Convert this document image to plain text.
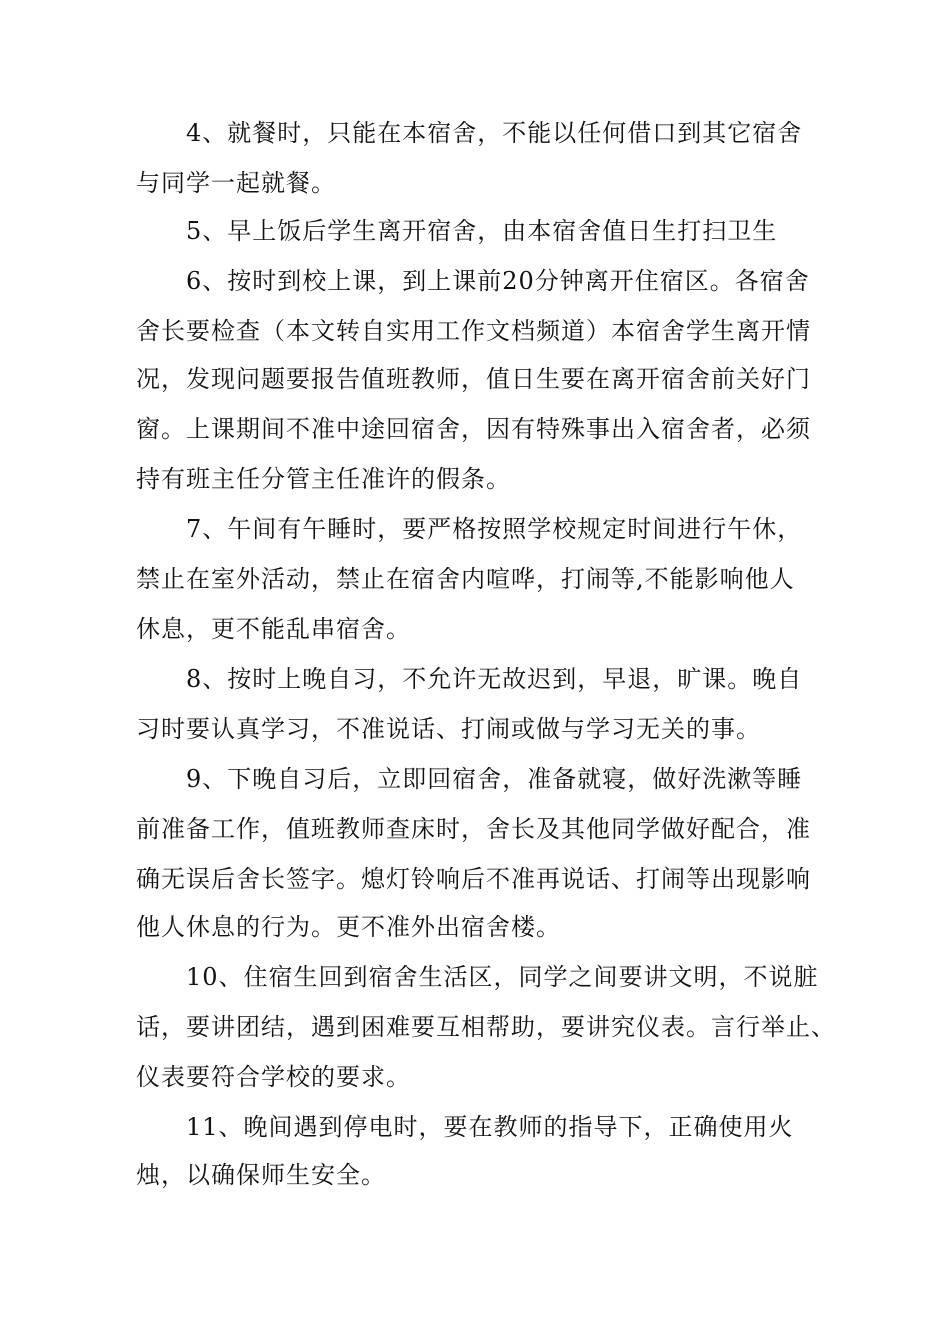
4、就餐时，只能在本宿舍，不能以任何借口到其它宿舍
与同学一起就餐。
5、早上饭后学生离开宿舍，由本宿舍值日生打扫卫生
6、按时到校上课，到上课前20分钟离开住宿区。各宿舍
舍长要检查（本文转自实用工作文档频道）本宿舍学生离开情
况，发现问题要报告值班教师，值日生要在离开宿舍前关好门
窗。上课期间不准中途回宿舍，因有特殊事出入宿舍者，必须
持有班主任分管主任准许的假条。
7、午间有午睡时，要严格按照学校规定时间进行午休，
禁止在室外活动，禁止在宿舍内喧哗，打闹等,不能影响他人
休息，更不能乱串宿舍。
8、按时上晚自习，不允许无故迟到，早退，旷课。晚自
习时要认真学习，不准说话、打闹或做与学习无关的事。
9、下晚自习后，立即回宿舍，准备就寝，做好洗漱等睡
前准备工作，值班教师查床时，舍长及其他同学做好配合，准
确无误后舍长签字。熄灯铃响后不准再说话、打闹等出现影响
他人休息的行为。更不准外出宿舍楼。
10、住宿生回到宿舍生活区，同学之间要讲文明，不说脏
话，要讲团结，遇到困难要互相帮助，要讲究仪表。言行举止、
仪表要符合学校的要求。
11、晚间遇到停电时，要在教师的指导下，正确使用火
烛，以确保师生安全。
